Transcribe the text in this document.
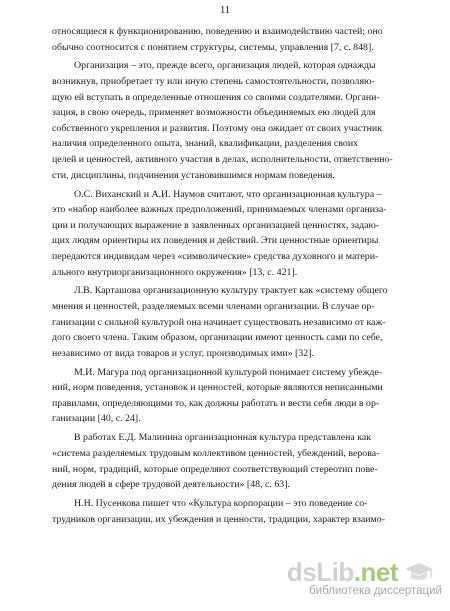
11
относящиеся к функционированию, поведению и взаимодействию частей; оно
обычно соотносится с понятием структуры, системы, управления [7, с. 848].
Организация – это, прежде всего, организация людей, которая однажды
возникнув, приобретает ту или иную степень самостоятельности, позволяю-
щую ей вступать в определенные отношения со своими создателями. Органи-
зация, в свою очередь, применяет возможности объединяемых ею людей для
собственного укрепления и развития. Поэтому она ожидает от своих участник
наличия определенного опыта, знаний, квалификации, разделения своих
целей и ценностей, активного участия в делах, исполнительности, ответственно-
сти, дисциплины, подчинения установившимся нормам поведения.
О.С. Виханский и А.И. Наумов считают, что организационная культура –
это «набор наиболее важных предположений, принимаемых членами организа-
ции и получающих выражение в заявленных организацией ценностях, задаю-
щих людям ориентиры их поведения и действий. Эти ценностные ориентиры
передаются индивидам через «символические» средства духовного и матери-
ального внутриорганизационного окружения» [13, с. 421].
Л.В. Карташова организационную культуру трактует как «систему общего
мнения и ценностей, разделяемых всеми членами организации. В случае ор-
ганизации с сильной культурой она начинает существовать независимо от каж-
дого своего члена. Таким образом, организации имеют ценность сами по себе,
независимо от вида товаров и услуг, производимых ими» [32].
М.И. Магура под организационной культурой понимает систему убежде-
ний, норм поведения, установок и ценностей, которые являются неписанными
правилами, определяющими то, как должны работать и вести себя люди в ор-
ганизации [40, с. 24].
В работах Е.Д. Малинина организационная культура представлена как
«система разделяемых трудовым коллективом ценностей, убеждений, верова-
ний, норм, традиций, которые определяют соответствующий стереотип пове-
дения людей в сфере трудовой деятельности» [48, с. 63].
Н.Н. Пусенкова пишет что «Культура корпорации – это поведение со-
трудников организации, их убеждения и ценности, традиции, характер взаимо-
dsLib.net
библиотека диссертаций
